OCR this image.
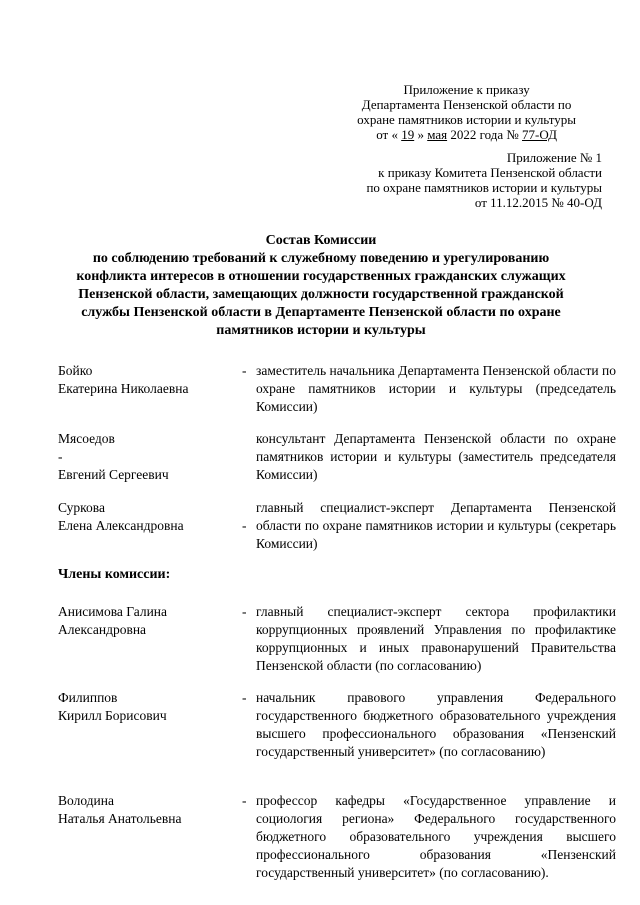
Приложение к приказу
Департамента Пензенской области по
охране памятников истории и культуры
от « 19 » мая 2022 года № 77-ОД
Приложение № 1
к приказу Комитета Пензенской области
по охране памятников истории и культуры
от 11.12.2015 № 40-ОД
Состав Комиссии
по соблюдению требований к служебному поведению и урегулированию
конфликта интересов в отношении государственных гражданских служащих
Пензенской области, замещающих должности государственной гражданской
службы Пензенской области в Департаменте Пензенской области по охране
памятников истории и культуры
Бойко
Екатерина Николаевна
- заместитель начальника Департамента Пензенской области по охране памятников истории и культуры (председатель Комиссии)
Мясоедов
-
Евгений Сергеевич
консультант Департамента Пензенской области по охране памятников истории и культуры (заместитель председателя Комиссии)
Суркова
Елена Александровна	-
главный специалист-эксперт Департамента Пензенской области по охране памятников истории и культуры (секретарь Комиссии)
Члены комиссии:
Анисимова Галина
Александровна
- главный специалист-эксперт сектора профилактики коррупционных проявлений Управления по профилактике коррупционных и иных правонарушений Правительства Пензенской области (по согласованию)
Филиппов
Кирилл Борисович
- начальник правового управления Федерального государственного бюджетного образовательного учреждения высшего профессионального образования «Пензенский государственный университет» (по согласованию)
Володина
Наталья Анатольевна
- профессор кафедры «Государственное управление и социология региона» Федерального государственного бюджетного образовательного учреждения высшего профессионального образования «Пензенский государственный университет» (по согласованию).
